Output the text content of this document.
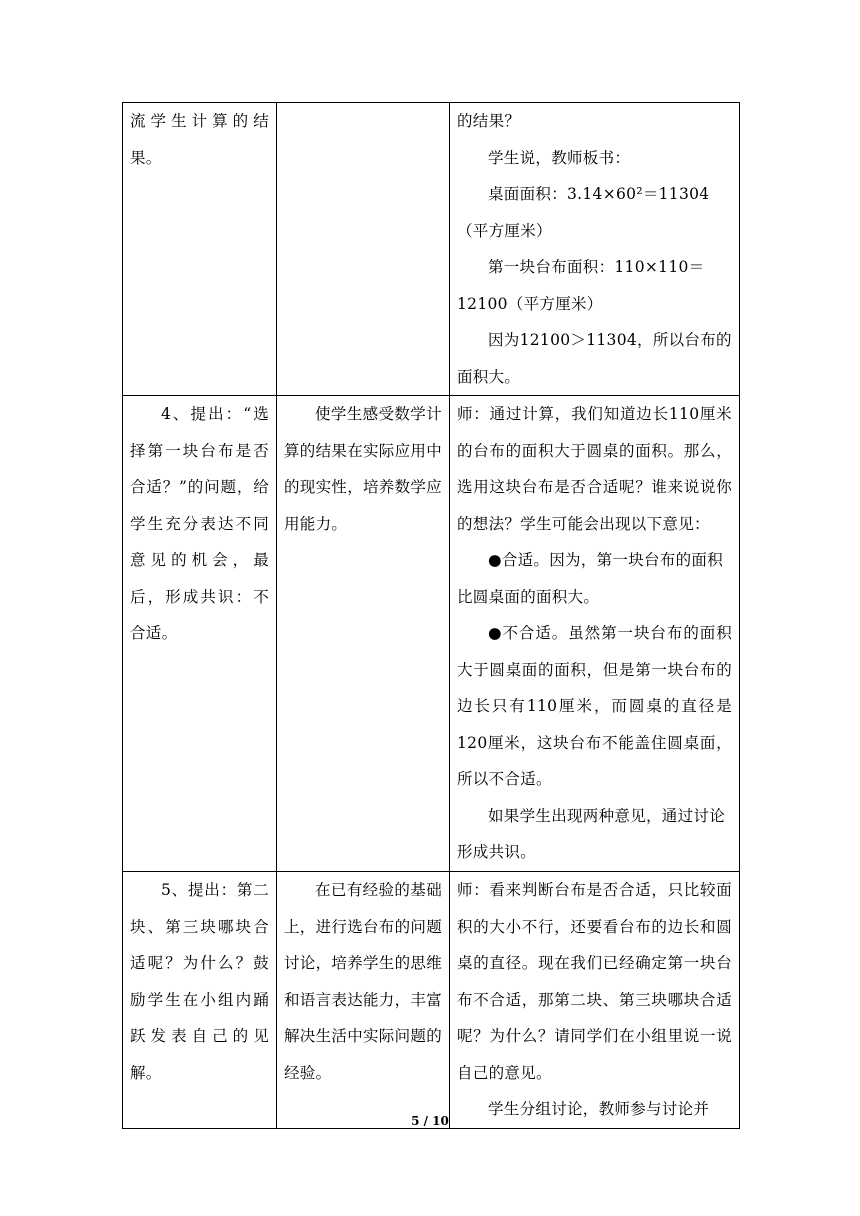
流学生计算的结果。		的结果？

学生说，教师板书：

桌面面积：3.14×60²＝11304（平方厘米）

第一块台布面积：110×110＝12100（平方厘米）

因为12100＞11304，所以台布的面积大。

4、提出：“选择第一块台布是否合适？”的问题，给学生充分表达不同意见的机会，最后，形成共识：不合适。	使学生感受数学计算的结果在实际应用中的现实性，培养数学应用能力。	师：通过计算，我们知道边长110厘米的台布的面积大于圆桌的面积。那么，选用这块台布是否合适呢？谁来说说你的想法？学生可能会出现以下意见：

●合适。因为，第一块台布的面积比圆桌面的面积大。

●不合适。虽然第一块台布的面积大于圆桌面的面积，但是第一块台布的边长只有110厘米，而圆桌的直径是120厘米，这块台布不能盖住圆桌面，所以不合适。

如果学生出现两种意见，通过讨论形成共识。

5、提出：第二块、第三块哪块合适呢？为什么？鼓励学生在小组内踊跃发表自己的见解。	在已有经验的基础上，进行选台布的问题讨论，培养学生的思维和语言表达能力，丰富解决生活中实际问题的经验。	师：看来判断台布是否合适，只比较面积的大小不行，还要看台布的边长和圆桌的直径。现在我们已经确定第一块台布不合适，那第二块、第三块哪块合适呢？为什么？请同学们在小组里说一说自己的意见。

学生分组讨论，教师参与讨论并

5 / 10
